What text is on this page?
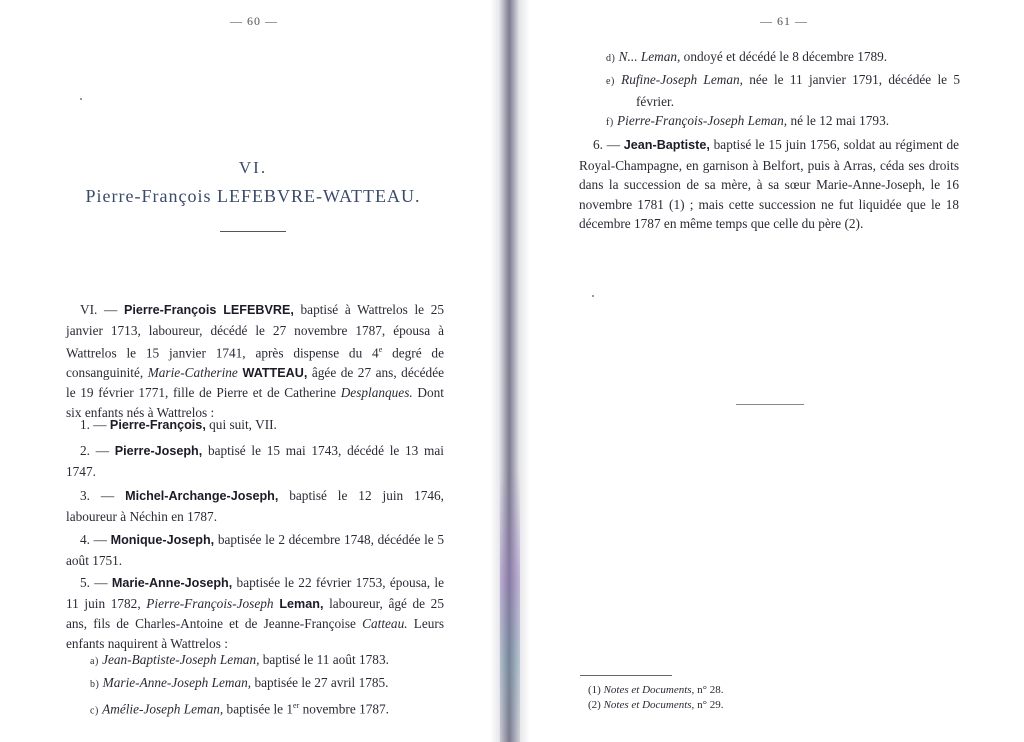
— 60 —
VI.
Pierre-François LEFEBVRE-WATTEAU.

VI. — Pierre-François LEFEBVRE, baptisé à Wattrelos le 25 janvier 1713, laboureur, décédé le 27 novembre 1787, épousa à Wattrelos le 15 janvier 1741, après dispense du 4e degré de consanguinité, Marie-Catherine WATTEAU, âgée de 27 ans, décédée le 19 février 1771, fille de Pierre et de Catherine Desplanques. Dont six enfants nés à Wattrelos :

1. — Pierre-François, qui suit, VII.

2. — Pierre-Joseph, baptisé le 15 mai 1743, décédé le 13 mai 1747.

3. — Michel-Archange-Joseph, baptisé le 12 juin 1746, laboureur à Néchin en 1787.

4. — Monique-Joseph, baptisée le 2 décembre 1748, décédée le 5 août 1751.

5. — Marie-Anne-Joseph, baptisée le 22 février 1753, épousa, le 11 juin 1782, Pierre-François-Joseph Leman, laboureur, âgé de 25 ans, fils de Charles-Antoine et de Jeanne-Françoise Catteau. Leurs enfants naquirent à Wattrelos :

a) Jean-Baptiste-Joseph Leman, baptisé le 11 août 1783.

b) Marie-Anne-Joseph Leman, baptisée le 27 avril 1785.

c) Amélie-Joseph Leman, baptisée le 1er novembre 1787.

— 61 —

d) N... Leman, ondoyé et décédé le 8 décembre 1789.

e) Rufine-Joseph Leman, née le 11 janvier 1791, décédée le 5 février.

f) Pierre-François-Joseph Leman, né le 12 mai 1793.

6. — Jean-Baptiste, baptisé le 15 juin 1756, soldat au régiment de Royal-Champagne, en garnison à Belfort, puis à Arras, céda ses droits dans la succession de sa mère, à sa sœur Marie-Anne-Joseph, le 16 novembre 1781 (1) ; mais cette succession ne fut liquidée que le 18 décembre 1787 en même temps que celle du père (2).

(1) Notes et Documents, n° 28.

(2) Notes et Documents, n° 29.
